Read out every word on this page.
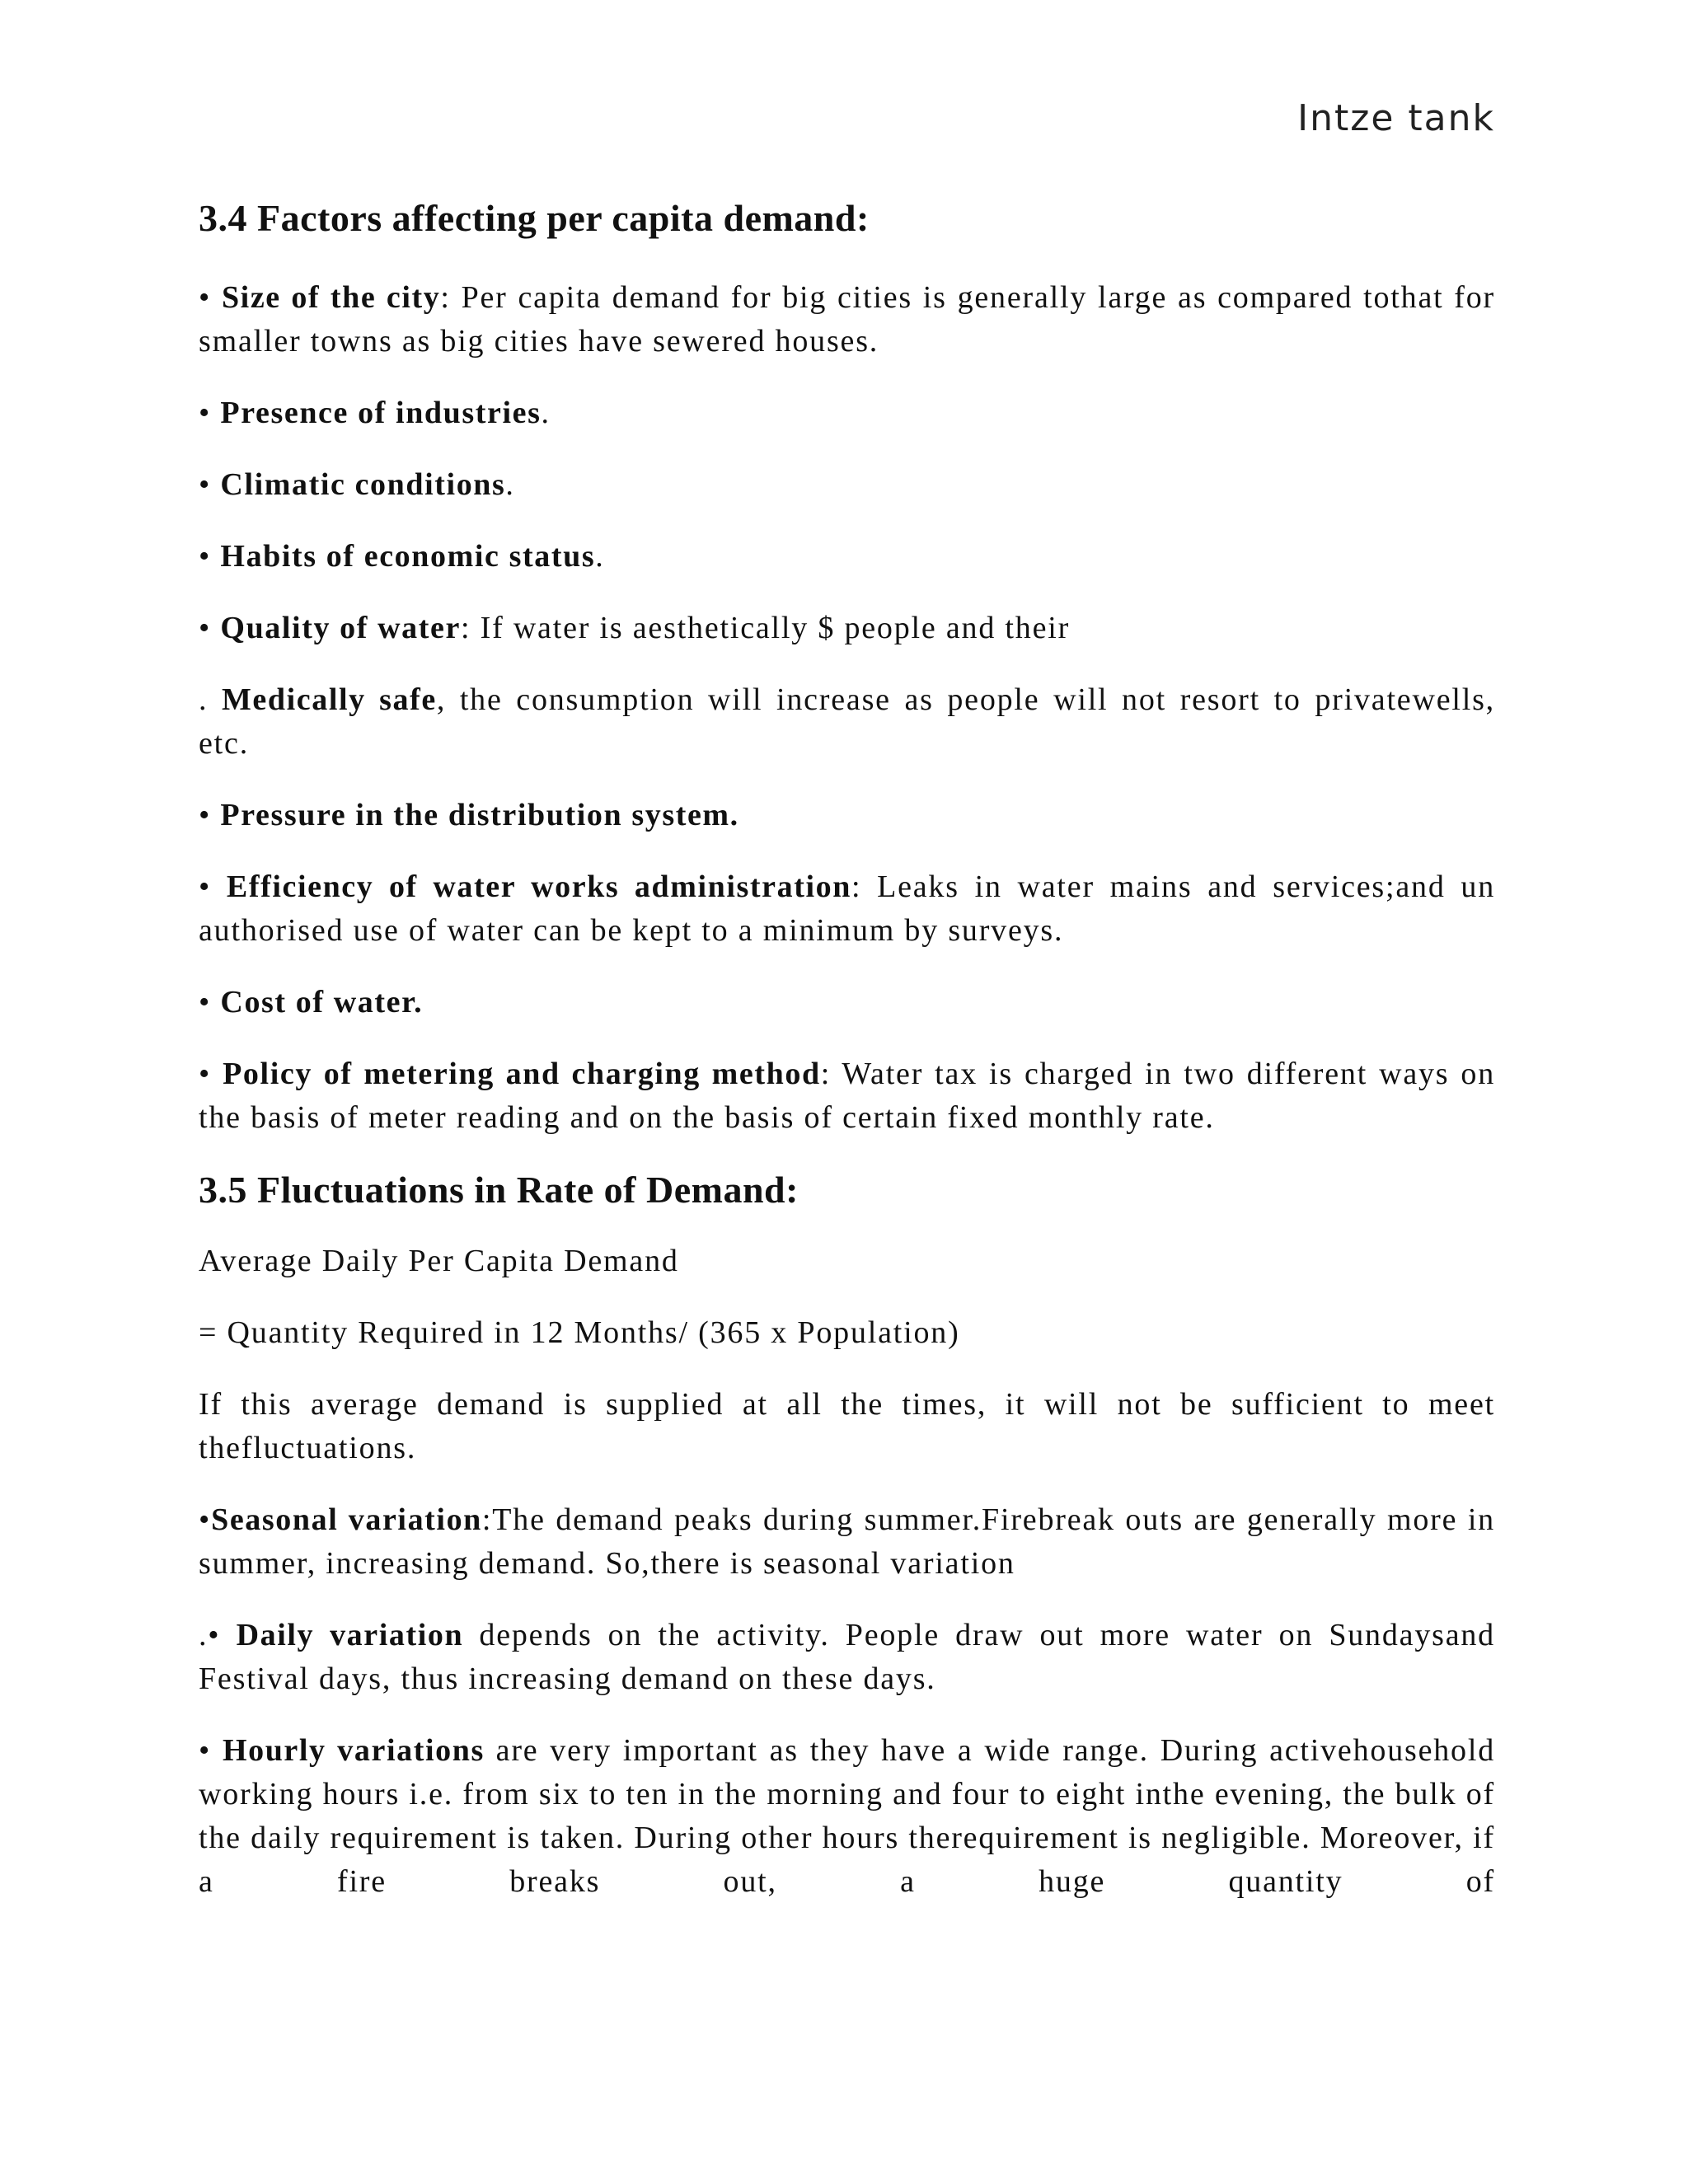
Intze tank
3.4 Factors affecting per capita demand:

• Size of the city: Per capita demand for big cities is generally large as compared tothat for smaller towns as big cities have sewered houses.

• Presence of industries.

• Climatic conditions.

• Habits of economic status.

• Quality of water: If water is aesthetically $ people and their

. Medically safe, the consumption will increase as people will not resort to privatewells, etc.

• Pressure in the distribution system.

• Efficiency of water works administration: Leaks in water mains and services;and un authorised use of water can be kept to a minimum by surveys.

• Cost of water.

• Policy of metering and charging method: Water tax is charged in two different ways on the basis of meter reading and on the basis of certain fixed monthly rate.

3.5 Fluctuations in Rate of Demand:

Average Daily Per Capita Demand

= Quantity Required in 12 Months/ (365 x Population)

If this average demand is supplied at all the times, it will not be sufficient to meet thefluctuations.

•Seasonal variation:The demand peaks during summer.Firebreak outs are generally more in summer, increasing demand. So,there is seasonal variation

.• Daily variation depends on the activity. People draw out more water on Sundaysand Festival days, thus increasing demand on these days.

• Hourly variations are very important as they have a wide range. During activehousehold working hours i.e. from six to ten in the morning and four to eight inthe evening, the bulk of the daily requirement is taken. During other hours therequirement is negligible. Moreover, if a fire breaks out, a huge quantity of
